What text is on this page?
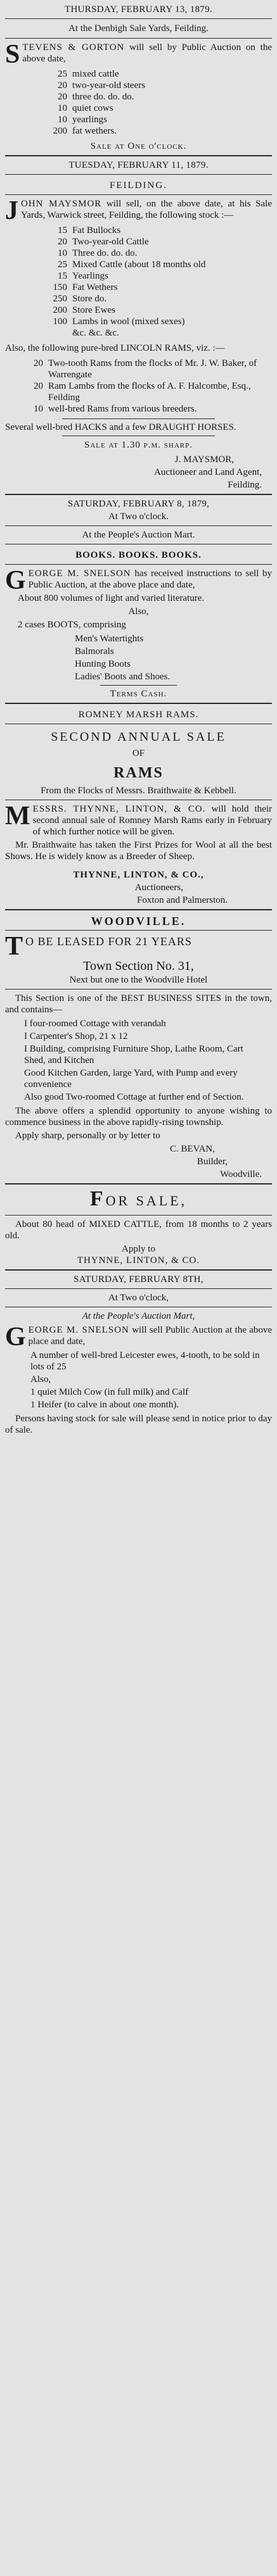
THURSDAY, FEBRUARY 13, 1879.
At the Denbigh Sale Yards, Feilding.
S TEVENS & GORTON will sell by Public Auction on the above date,
25 mixed cattle
20 two-year-old steers
20 three do. do. do.
10 quiet cows
10 yearlings
200 fat wethers.
Sale at One o'clock.
TUESDAY, FEBRUARY 11, 1879.
FEILDING.
J OHN MAYSMOR will sell, on the above date, at his Sale Yards, Warwick street, Feilding, the following stock :—
15 Fat Bullocks
20 Two-year-old Cattle
10 Three do. do. do.
25 Mixed Cattle (about 18 months old
15 Yearlings
150 Fat Wethers
250 Store do.
200 Store Ewes
100 Lambs in wool (mixed sexes)
&c. &c. &c.
Also, the following pure-bred LINCOLN RAMS, viz. :—
20 Two-tooth Rams from the flocks of Mr. J. W. Baker, of Warrengate
20 Ram Lambs from the flocks of A. F. Halcombe, Esq., Feilding
10 well-bred Rams from various breeders.
Several well-bred HACKS and a few DRAUGHT HORSES.
Sale at 1.30 p.m. sharp.
J. MAYSMOR,
Auctioneer and Land Agent,
Feilding.
SATURDAY, FEBRUARY 8, 1879,
At Two o'clock.
At the People's Auction Mart.
BOOKS. BOOKS. BOOKS.
G EORGE M. SNELSON has received instructions to sell by Public Auction, at the above place and date,
About 800 volumes of light and varied literature.
Also,
2 cases BOOTS, comprising
Men's Watertights
Balmorals
Hunting Boots
Ladies' Boots and Shoes.
Terms Cash.
ROMNEY MARSH RAMS.
SECOND ANNUAL SALE
OF
RAMS
From the Flocks of Messrs. Braithwaite & Kebbell.
M ESSRS. THYNNE, LINTON, & CO. will hold their second annual sale of Romney Marsh Rams early in February of which further notice will be given.
Mr. Braithwaite has taken the First Prizes for Wool at all the best Shows. He is widely know as a Breeder of Sheep.
THYNNE, LINTON, & CO.,
Auctioneers,
Foxton and Palmerston.
WOODVILLE.
T O BE LEASED FOR 21 YEARS
Town Section No. 31,
Next but one to the Woodville Hotel
This Section is one of the BEST BUSINESS SITES in the town, and contains—
I four-roomed Cottage with verandah
I Carpenter's Shop, 21 x 12
I Building, comprising Furniture Shop, Lathe Room, Cart Shed, and Kitchen
Good Kitchen Garden, large Yard, with Pump and every convenience
Also good Two-roomed Cottage at further end of Section.
The above offers a splendid opportunity to anyone wishing to commence business in the above rapidly-rising township.
Apply sharp, personally or by letter to
C. BEVAN,
Builder,
Woodville.
FOR SALE,
About 80 head of MIXED CATTLE, from 18 months to 2 years old.
Apply to
THYNNE, LINTON, & CO.
SATURDAY, FEBRUARY 8TH,
At Two o'clock,
At the People's Auction Mart,
G EORGE M. SNELSON will sell Public Auction at the above place and date,
A number of well-bred Leicester ewes, 4-tooth, to be sold in lots of 25
Also,
1 quiet Milch Cow (in full milk) and Calf
1 Heifer (to calve in about one month).
Persons having stock for sale will please send in notice prior to day of sale.
